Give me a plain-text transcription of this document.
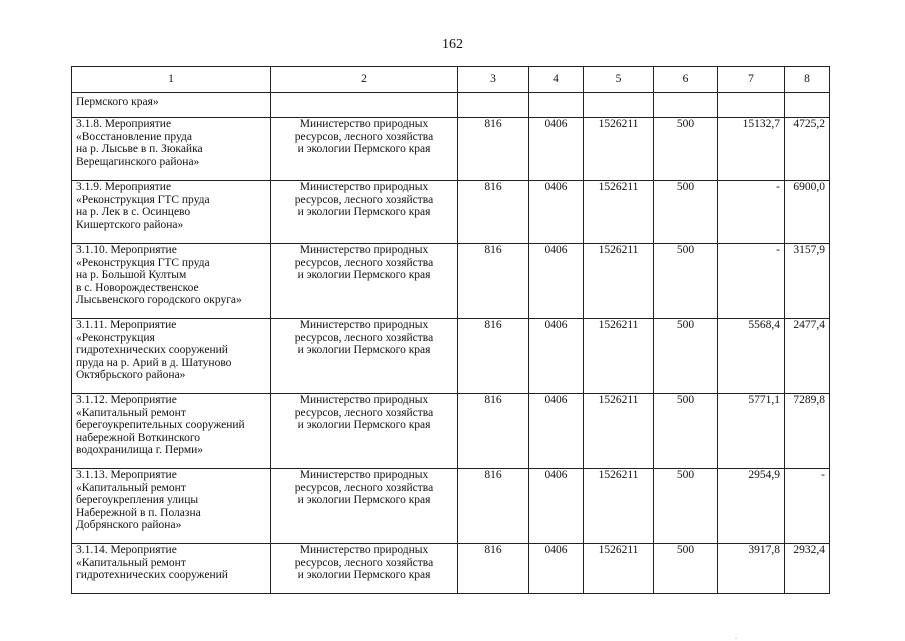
162
1	2	3	4	5	6	7	8
Пермского края»							
3.1.8. Мероприятие
«Восстановление пруда
на р. Лысьве в п. Зюкайка
Верещагинского района»	Министерство природных
ресурсов, лесного хозяйства
и экологии Пермского края	816	0406	1526211	500	15132,7	4725,2
3.1.9. Мероприятие
«Реконструкция ГТС пруда
на р. Лек в с. Осинцево
Кишертского района»	Министерство природных
ресурсов, лесного хозяйства
и экологии Пермского края	816	0406	1526211	500	-	6900,0
3.1.10. Мероприятие
«Реконструкция ГТС пруда
на р. Большой Култым
в с. Новорождественское
Лысьвенского городского округа»	Министерство природных
ресурсов, лесного хозяйства
и экологии Пермского края	816	0406	1526211	500	-	3157,9
3.1.11. Мероприятие
«Реконструкция
гидротехнических сооружений
пруда на р. Арий в д. Шатуново
Октябрьского района»	Министерство природных
ресурсов, лесного хозяйства
и экологии Пермского края	816	0406	1526211	500	5568,4	2477,4
3.1.12. Мероприятие
«Капитальный ремонт
берегоукрепительных сооружений
набережной Воткинского
водохранилища г. Перми»	Министерство природных
ресурсов, лесного хозяйства
и экологии Пермского края	816	0406	1526211	500	5771,1	7289,8
3.1.13. Мероприятие
«Капитальный ремонт
берегоукрепления улицы
Набережной в п. Полазна
Добрянского района»	Министерство природных
ресурсов, лесного хозяйства
и экологии Пермского края	816	0406	1526211	500	2954,9	-
3.1.14. Мероприятие
«Капитальный ремонт
гидротехнических сооружений	Министерство природных
ресурсов, лесного хозяйства
и экологии Пермского края	816	0406	1526211	500	3917,8	2932,4
.
